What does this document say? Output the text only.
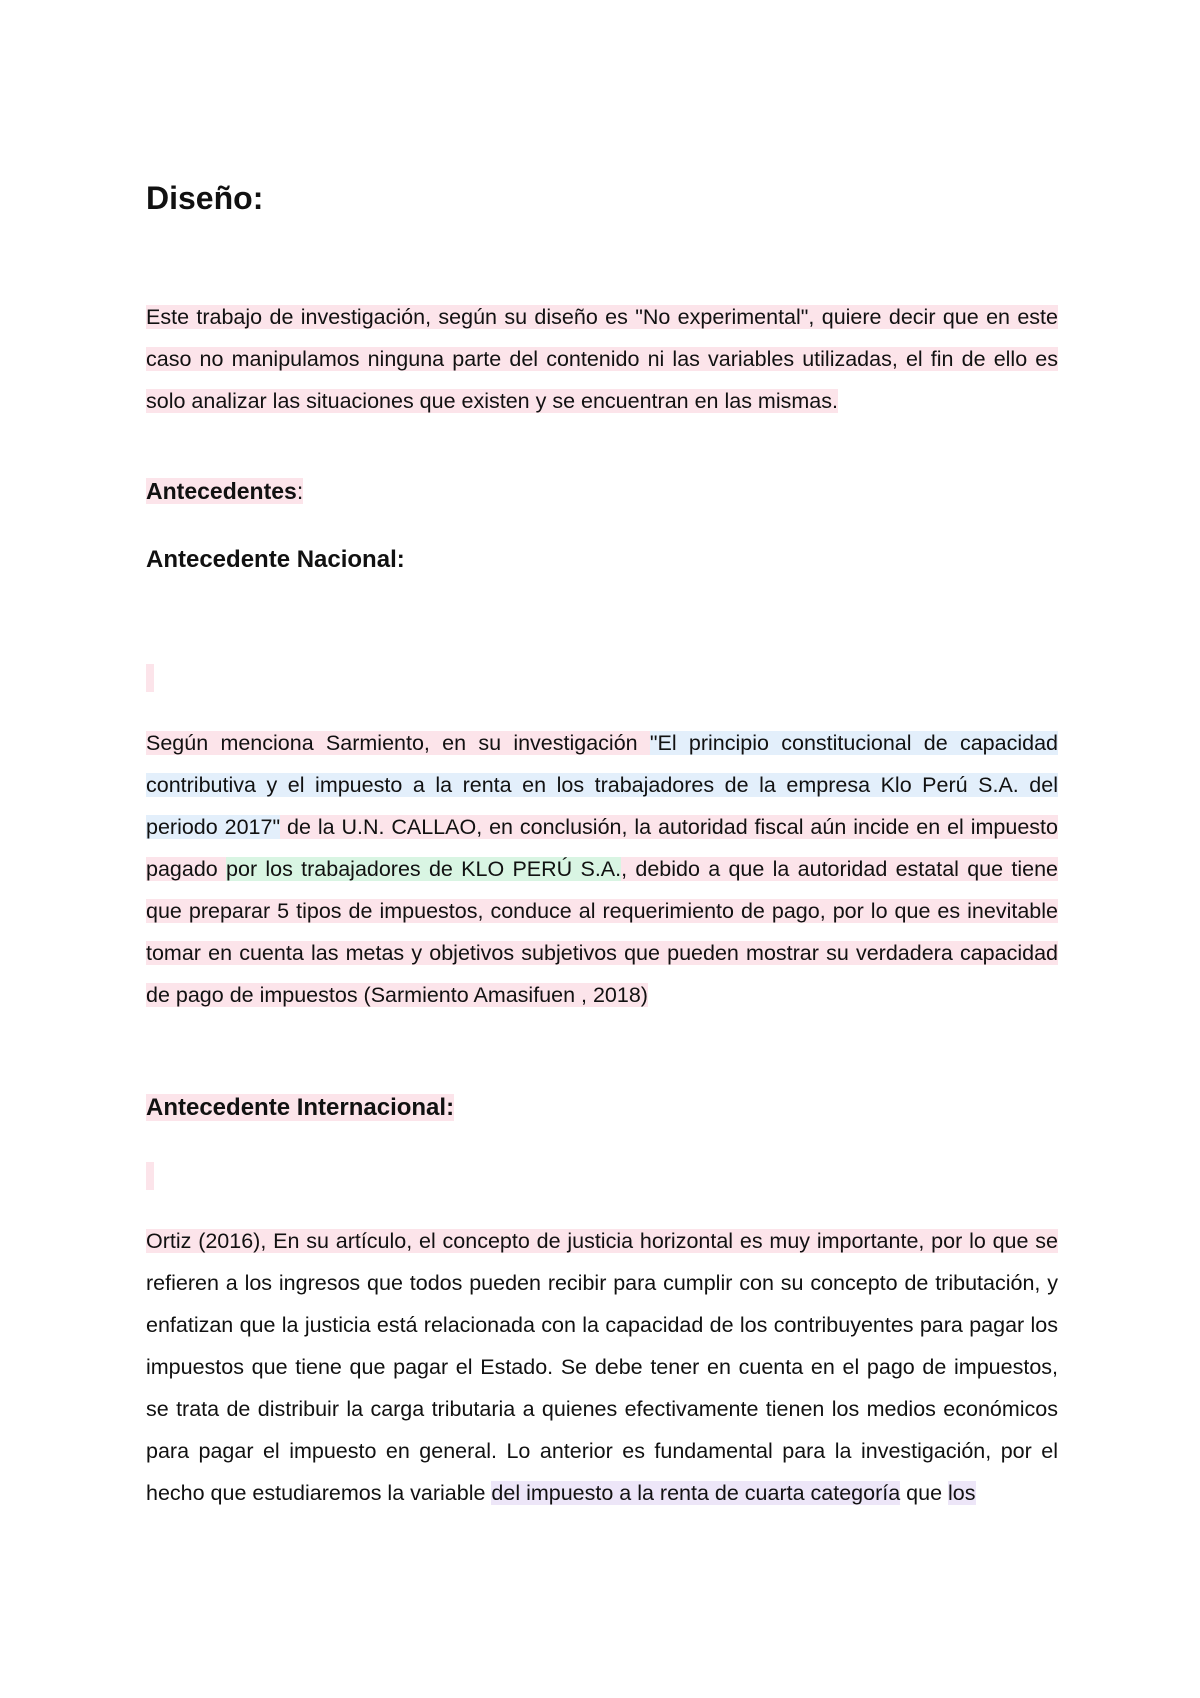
Diseño:

Este trabajo de investigación, según su diseño es "No experimental", quiere decir que en este caso no manipulamos ninguna parte del contenido ni las variables utilizadas, el fin de ello es solo analizar las situaciones que existen y se encuentran en las mismas.

Antecedentes:

Antecedente Nacional:

Según menciona Sarmiento, en su investigación "El principio constitucional de capacidad contributiva y el impuesto a la renta en los trabajadores de la empresa Klo Perú S.A. del periodo 2017" de la U.N. CALLAO, en conclusión, la autoridad fiscal aún incide en el impuesto pagado por los trabajadores de KLO PERÚ S.A., debido a que la autoridad estatal que tiene que preparar 5 tipos de impuestos, conduce al requerimiento de pago, por lo que es inevitable tomar en cuenta las metas y objetivos subjetivos que pueden mostrar su verdadera capacidad de pago de impuestos (Sarmiento Amasifuen , 2018)

Antecedente Internacional:

Ortiz (2016), En su artículo, el concepto de justicia horizontal es muy importante, por lo que se refieren a los ingresos que todos pueden recibir para cumplir con su concepto de tributación, y enfatizan que la justicia está relacionada con la capacidad de los contribuyentes para pagar los impuestos que tiene que pagar el Estado. Se debe tener en cuenta en el pago de impuestos, se trata de distribuir la carga tributaria a quienes efectivamente tienen los medios económicos para pagar el impuesto en general. Lo anterior es fundamental para la investigación, por el hecho que estudiaremos la variable del impuesto a la renta de cuarta categoría que los
